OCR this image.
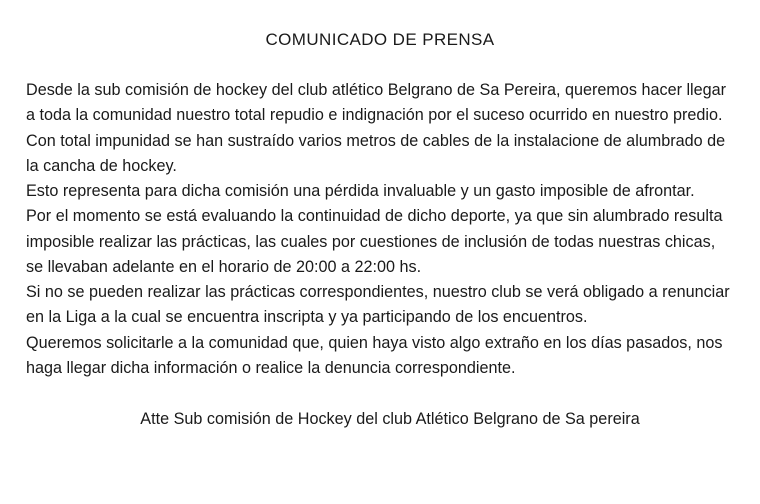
COMUNICADO DE PRENSA

Desde la sub comisión de hockey del club atlético Belgrano de Sa Pereira, queremos hacer llegar a toda la comunidad nuestro total repudio e indignación por el suceso ocurrido en nuestro predio.

Con total impunidad se han sustraído varios metros de cables de la instalacione de alumbrado de la cancha de hockey.

Esto representa para dicha comisión una pérdida invaluable y un gasto imposible de afrontar.

Por el momento se está evaluando la continuidad de dicho deporte, ya que sin alumbrado resulta imposible realizar las prácticas, las cuales por cuestiones de inclusión de todas nuestras chicas, se llevaban adelante en el horario de 20:00 a 22:00 hs.

Si no se pueden realizar las prácticas correspondientes, nuestro club se verá obligado a renunciar en la Liga a la cual se encuentra inscripta y ya participando de los encuentros.

Queremos solicitarle a la comunidad que, quien haya visto algo extraño en los días pasados, nos haga llegar dicha información o realice la denuncia correspondiente.

Atte Sub comisión de Hockey del club Atlético Belgrano de Sa pereira
